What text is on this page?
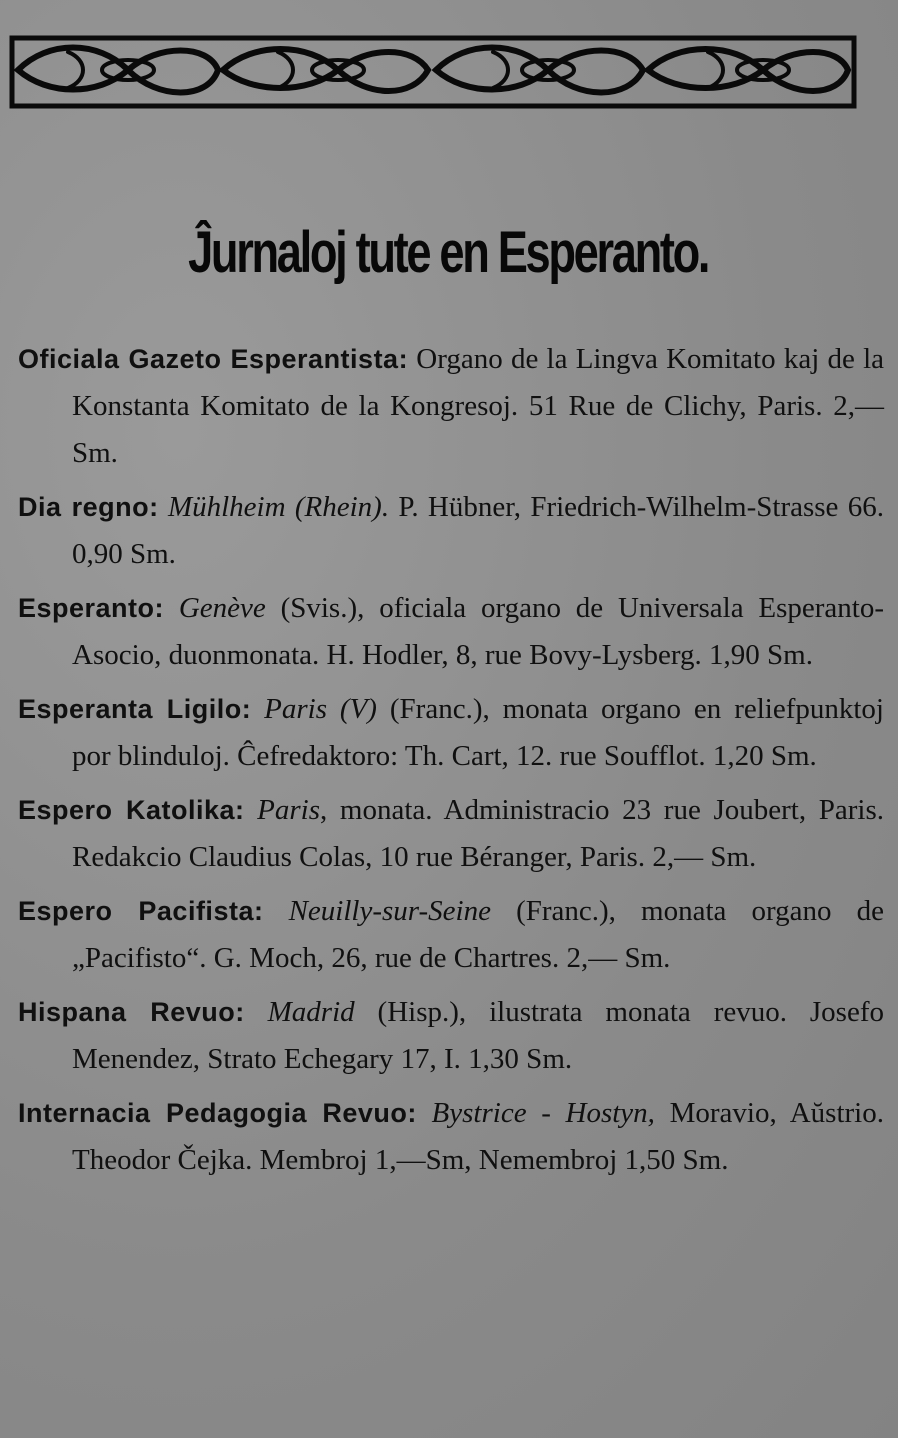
Ĵurnaloj tute en Esperanto.

Oficiala Gazeto Esperantista: Organo de la Lingva Komitato kaj de la Konstanta Komitato de la Kongresoj. 51 Rue de Clichy, Paris. 2,— Sm.

Dia regno: Mühlheim (Rhein). P. Hübner, Friedrich-Wilhelm-Strasse 66. 0,90 Sm.

Esperanto: Genève (Svis.), oficiala organo de Universala Esperanto-Asocio, duonmonata. H. Hodler, 8, rue Bovy-Lysberg. 1,90 Sm.

Esperanta Ligilo: Paris (V) (Franc.), monata organo en reliefpunktoj por blinduloj. Ĉefredaktoro: Th. Cart, 12. rue Soufflot. 1,20 Sm.

Espero Katolika: Paris, monata. Administracio 23 rue Joubert, Paris. Redakcio Claudius Colas, 10 rue Béranger, Paris. 2,— Sm.

Espero Pacifista: Neuilly-sur-Seine (Franc.), monata organo de „Pacifisto“. G. Moch, 26, rue de Chartres. 2,— Sm.

Hispana Revuo: Madrid (Hisp.), ilustrata monata revuo. Josefo Menendez, Strato Echegary 17, I. 1,30 Sm.

Internacia Pedagogia Revuo: Bystrice - Hostyn, Moravio, Aŭstrio. Theodor Čejka. Membroj 1,—Sm, Nemembroj 1,50 Sm.
